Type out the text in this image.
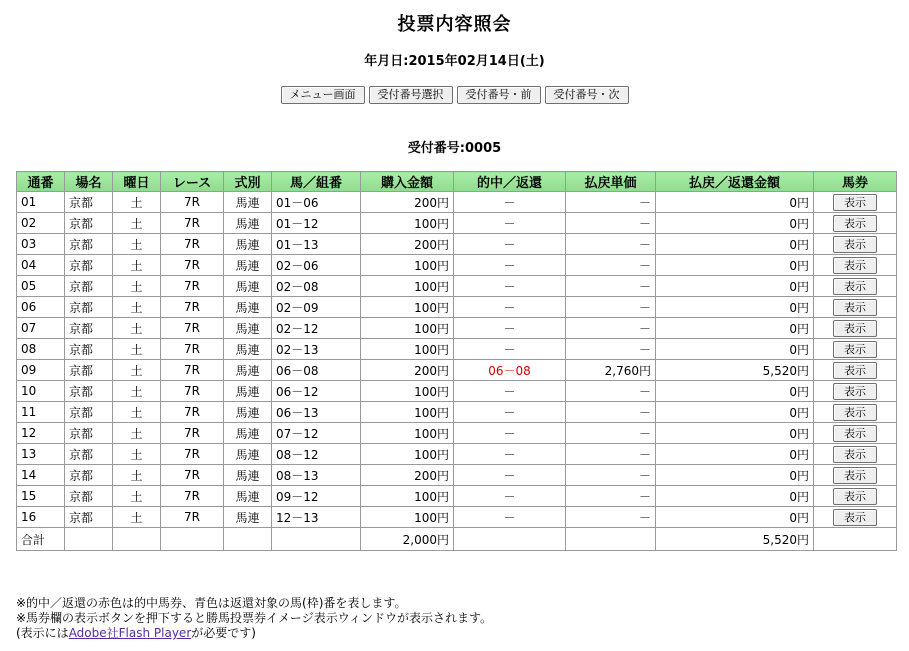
投票内容照会
年月日:2015年02月14日(土)
メニュー画面 受付番号選択 受付番号・前 受付番号・次
受付番号:0005
通番	場名	曜日	レース	式別	馬／組番	購入金額	的中／返還	払戻単価	払戻／返還金額	馬券
01	京都	土	7R	馬連	01－06	200円	－	－	0円	表示
02	京都	土	7R	馬連	01－12	100円	－	－	0円	表示
03	京都	土	7R	馬連	01－13	200円	－	－	0円	表示
04	京都	土	7R	馬連	02－06	100円	－	－	0円	表示
05	京都	土	7R	馬連	02－08	100円	－	－	0円	表示
06	京都	土	7R	馬連	02－09	100円	－	－	0円	表示
07	京都	土	7R	馬連	02－12	100円	－	－	0円	表示
08	京都	土	7R	馬連	02－13	100円	－	－	0円	表示
09	京都	土	7R	馬連	06－08	200円	06－08	2,760円	5,520円	表示
10	京都	土	7R	馬連	06－12	100円	－	－	0円	表示
11	京都	土	7R	馬連	06－13	100円	－	－	0円	表示
12	京都	土	7R	馬連	07－12	100円	－	－	0円	表示
13	京都	土	7R	馬連	08－12	100円	－	－	0円	表示
14	京都	土	7R	馬連	08－13	200円	－	－	0円	表示
15	京都	土	7R	馬連	09－12	100円	－	－	0円	表示
16	京都	土	7R	馬連	12－13	100円	－	－	0円	表示
合計						2,000円			5,520円	
※的中／返還の赤色は的中馬券、青色は返還対象の馬(枠)番を表します。
※馬券欄の表示ボタンを押下すると勝馬投票券イメージ表示ウィンドウが表示されます。
(表示にはAdobe社Flash Playerが必要です)
